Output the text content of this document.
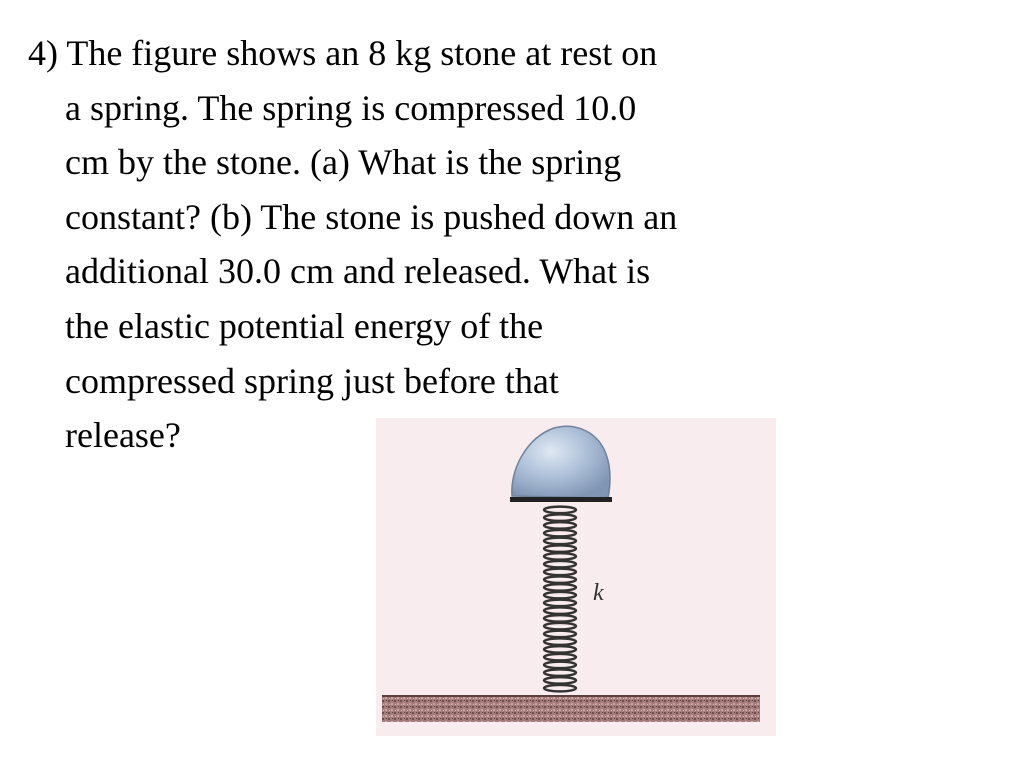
4) The figure shows an 8 kg stone at rest on
a spring. The spring is compressed 10.0
cm by the stone. (a) What is the spring
constant? (b) The stone is pushed down an
additional 30.0 cm and released. What is
the elastic potential energy of the
compressed spring just before that
release?
k
